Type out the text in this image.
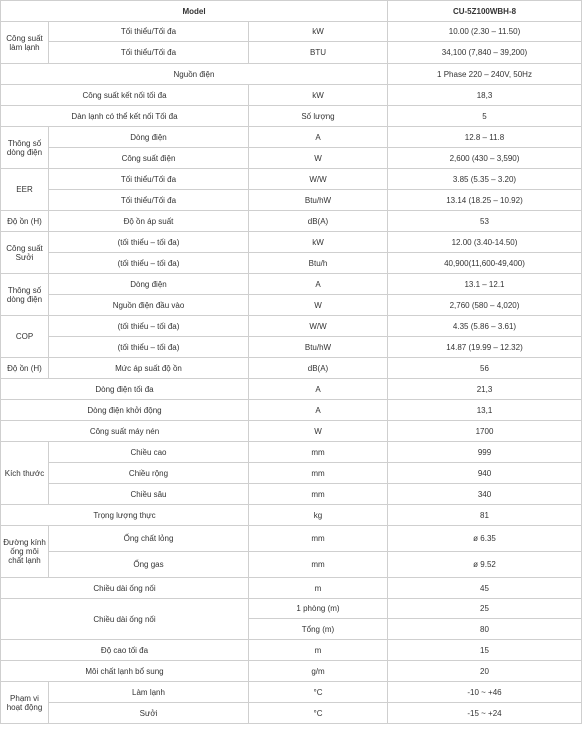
Model			CU-5Z100WBH-8
Công suất làm lạnh	Tối thiểu/Tối đa	kW	10.00 (2.30 – 11.50)
	Tối thiểu/Tối đa	BTU	34,100 (7,840 – 39,200)
Nguồn điện			1 Phase 220 – 240V, 50Hz
Công suất kết nối tối đa		kW	18,3
Dàn lạnh có thể kết nối Tối đa		Số lượng	5
Thông số dòng điện	Dòng điện	A	12.8 – 11.8
	Công suất điện	W	2,600 (430 – 3,590)
EER	Tối thiểu/Tối đa	W/W	3.85 (5.35 – 3.20)
	Tối thiểu/Tối đa	Btu/hW	13.14 (18.25 – 10.92)
Độ ồn (H)	Độ ồn áp suất	dB(A)	53
Công suất Sưởi	(tối thiểu – tối đa)	kW	12.00 (3.40-14.50)
	(tối thiểu – tối đa)	Btu/h	40,900(11,600-49,400)
Thông số dòng điện	Dòng điện	A	13.1 – 12.1
	Nguồn điện đầu vào	W	2,760 (580 – 4,020)
COP	(tối thiểu – tối đa)	W/W	4.35 (5.86 – 3.61)
	(tối thiểu – tối đa)	Btu/hW	14.87 (19.99 – 12.32)
Độ ồn (H)	Mức áp suất độ ồn	dB(A)	56
Dòng điện tối đa		A	21,3
Dòng điện khởi động		A	13,1
Công suất máy nén		W	1700
Kích thước	Chiều cao	mm	999
	Chiều rộng	mm	940
	Chiều sâu	mm	340
Trọng lượng thực		kg	81
Đường kính ống môi chất lạnh	Ống chất lỏng	mm	ø 6.35
	Ống gas	mm	ø 9.52
Chiều dài ống nối		m	45
Chiều dài ống nối		1 phòng (m)	25
		Tổng (m)	80
Độ cao tối đa		m	15
Môi chất lạnh bổ sung		g/m	20
Phạm vi hoạt động	Làm lạnh	°C	-10 ~ +46
	Sưởi	°C	-15 ~ +24
